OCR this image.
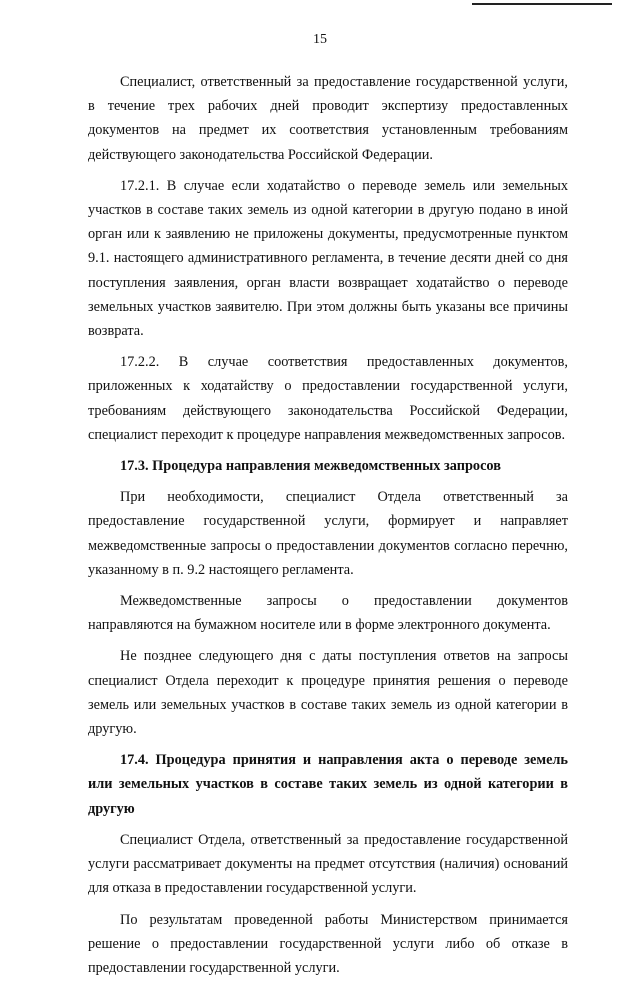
15

Специалист, ответственный за предоставление государственной услуги, в течение трех рабочих дней проводит экспертизу предоставленных документов на предмет их соответствия установленным требованиям действующего законодательства Российской Федерации.

17.2.1. В случае если ходатайство о переводе земель или земельных участков в составе таких земель из одной категории в другую подано в иной орган или к заявлению не приложены документы, предусмотренные пунктом 9.1. настоящего административного регламента, в течение десяти дней со дня поступления заявления, орган власти возвращает ходатайство о переводе земельных участков заявителю. При этом должны быть указаны все причины возврата.

17.2.2. В случае соответствия предоставленных документов, приложенных к ходатайству о предоставлении государственной услуги, требованиям действующего законодательства Российской Федерации, специалист переходит к процедуре направления межведомственных запросов.

17.3. Процедура направления межведомственных запросов

При необходимости, специалист Отдела ответственный за предоставление государственной услуги, формирует и направляет межведомственные запросы о предоставлении документов согласно перечню, указанному в п. 9.2 настоящего регламента.

Межведомственные запросы о предоставлении документов направляются на бумажном носителе или в форме электронного документа.

Не позднее следующего дня с даты поступления ответов на запросы специалист Отдела переходит к процедуре принятия решения о переводе земель или земельных участков в составе таких земель из одной категории в другую.

17.4. Процедура принятия и направления акта о переводе земель или земельных участков в составе таких земель из одной категории в другую

Специалист Отдела, ответственный за предоставление государственной услуги рассматривает документы на предмет отсутствия (наличия) оснований для отказа в предоставлении государственной услуги.

По результатам проведенной работы Министерством принимается решение о предоставлении государственной услуги либо об отказе в предоставлении государственной услуги.
